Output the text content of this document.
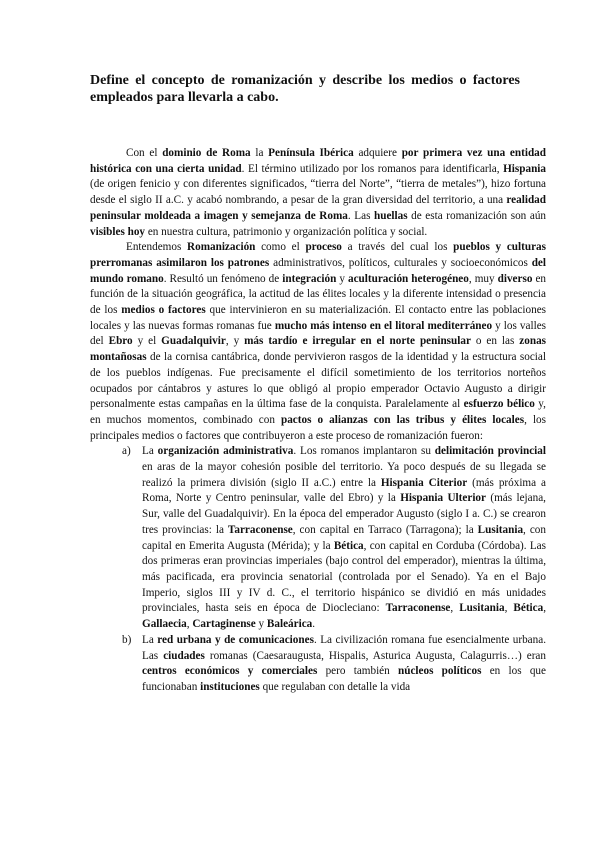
Define el concepto de romanización y describe los medios o factores empleados para llevarla a cabo.

Con el dominio de Roma la Península Ibérica adquiere por primera vez una entidad histórica con una cierta unidad. El término utilizado por los romanos para identificarla, Hispania (de origen fenicio y con diferentes significados, “tierra del Norte”, “tierra de metales”), hizo fortuna desde el siglo II a.C. y acabó nombrando, a pesar de la gran diversidad del territorio, a una realidad peninsular moldeada a imagen y semejanza de Roma. Las huellas de esta romanización son aún visibles hoy en nuestra cultura, patrimonio y organización política y social.

Entendemos Romanización como el proceso a través del cual los pueblos y culturas prerromanas asimilaron los patrones administrativos, políticos, culturales y socioeconómicos del mundo romano. Resultó un fenómeno de integración y aculturación heterogéneo, muy diverso en función de la situación geográfica, la actitud de las élites locales y la diferente intensidad o presencia de los medios o factores que intervinieron en su materialización. El contacto entre las poblaciones locales y las nuevas formas romanas fue mucho más intenso en el litoral mediterráneo y los valles del Ebro y el Guadalquivir, y más tardío e irregular en el norte peninsular o en las zonas montañosas de la cornisa cantábrica, donde pervivieron rasgos de la identidad y la estructura social de los pueblos indígenas. Fue precisamente el difícil sometimiento de los territorios norteños ocupados por cántabros y astures lo que obligó al propio emperador Octavio Augusto a dirigir personalmente estas campañas en la última fase de la conquista. Paralelamente al esfuerzo bélico y, en muchos momentos, combinado con pactos o alianzas con las tribus y élites locales, los principales medios o factores que contribuyeron a este proceso de romanización fueron:

a) La organización administrativa. Los romanos implantaron su delimitación provincial en aras de la mayor cohesión posible del territorio. Ya poco después de su llegada se realizó la primera división (siglo II a.C.) entre la Hispania Citerior (más próxima a Roma, Norte y Centro peninsular, valle del Ebro) y la Hispania Ulterior (más lejana, Sur, valle del Guadalquivir). En la época del emperador Augusto (siglo I a. C.) se crearon tres provincias: la Tarraconense, con capital en Tarraco (Tarragona); la Lusitania, con capital en Emerita Augusta (Mérida); y la Bética, con capital en Corduba (Córdoba). Las dos primeras eran provincias imperiales (bajo control del emperador), mientras la última, más pacificada, era provincia senatorial (controlada por el Senado). Ya en el Bajo Imperio, siglos III y IV d. C., el territorio hispánico se dividió en más unidades provinciales, hasta seis en época de Diocleciano: Tarraconense, Lusitania, Bética, Gallaecia, Cartaginense y Baleárica.
b) La red urbana y de comunicaciones. La civilización romana fue esencialmente urbana. Las ciudades romanas (Caesaraugusta, Hispalis, Asturica Augusta, Calagurris…) eran centros económicos y comerciales pero también núcleos políticos en los que funcionaban instituciones que regulaban con detalle la vida
